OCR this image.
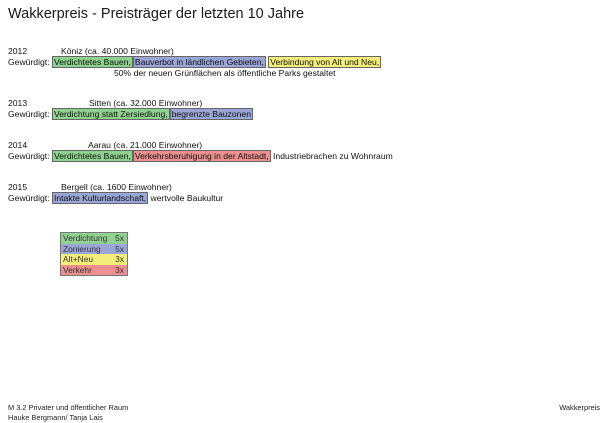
Wakkerpreis - Preisträger der letzten 10 Jahre
2012	Köniz (ca. 40.000 Einwohner)
Gewürdigt: Verdichtetes Bauen, Bauverbot in ländlichen Gebieten, Verbindung von Alt und Neu,
50% der neuen Grünflächen als öffentliche Parks gestaltet
2013	Sitten (ca. 32.000 Einwohner)
Gewürdigt: Verdichtung statt Zersiedlung, begrenzte Bauzonen
2014	Aarau (ca. 21.000 Einwohner)
Gewürdigt: Verdichtetes Bauen, Verkehrsberuhigung in der Altstadt, Industriebrachen zu Wohnraum
2015	Bergell (ca. 1600 Einwohner)
Gewürdigt: Intakte Kulturlandschaft, wertvolle Baukultur
Verdichtung 5x
Zonierung 5x
Alt+Neu	3x
Verkehr	3x
M 3.2 Privater und öffentlicher Raum
Hauke Bergmann/ Tanja Lais
Wakkerpreis
